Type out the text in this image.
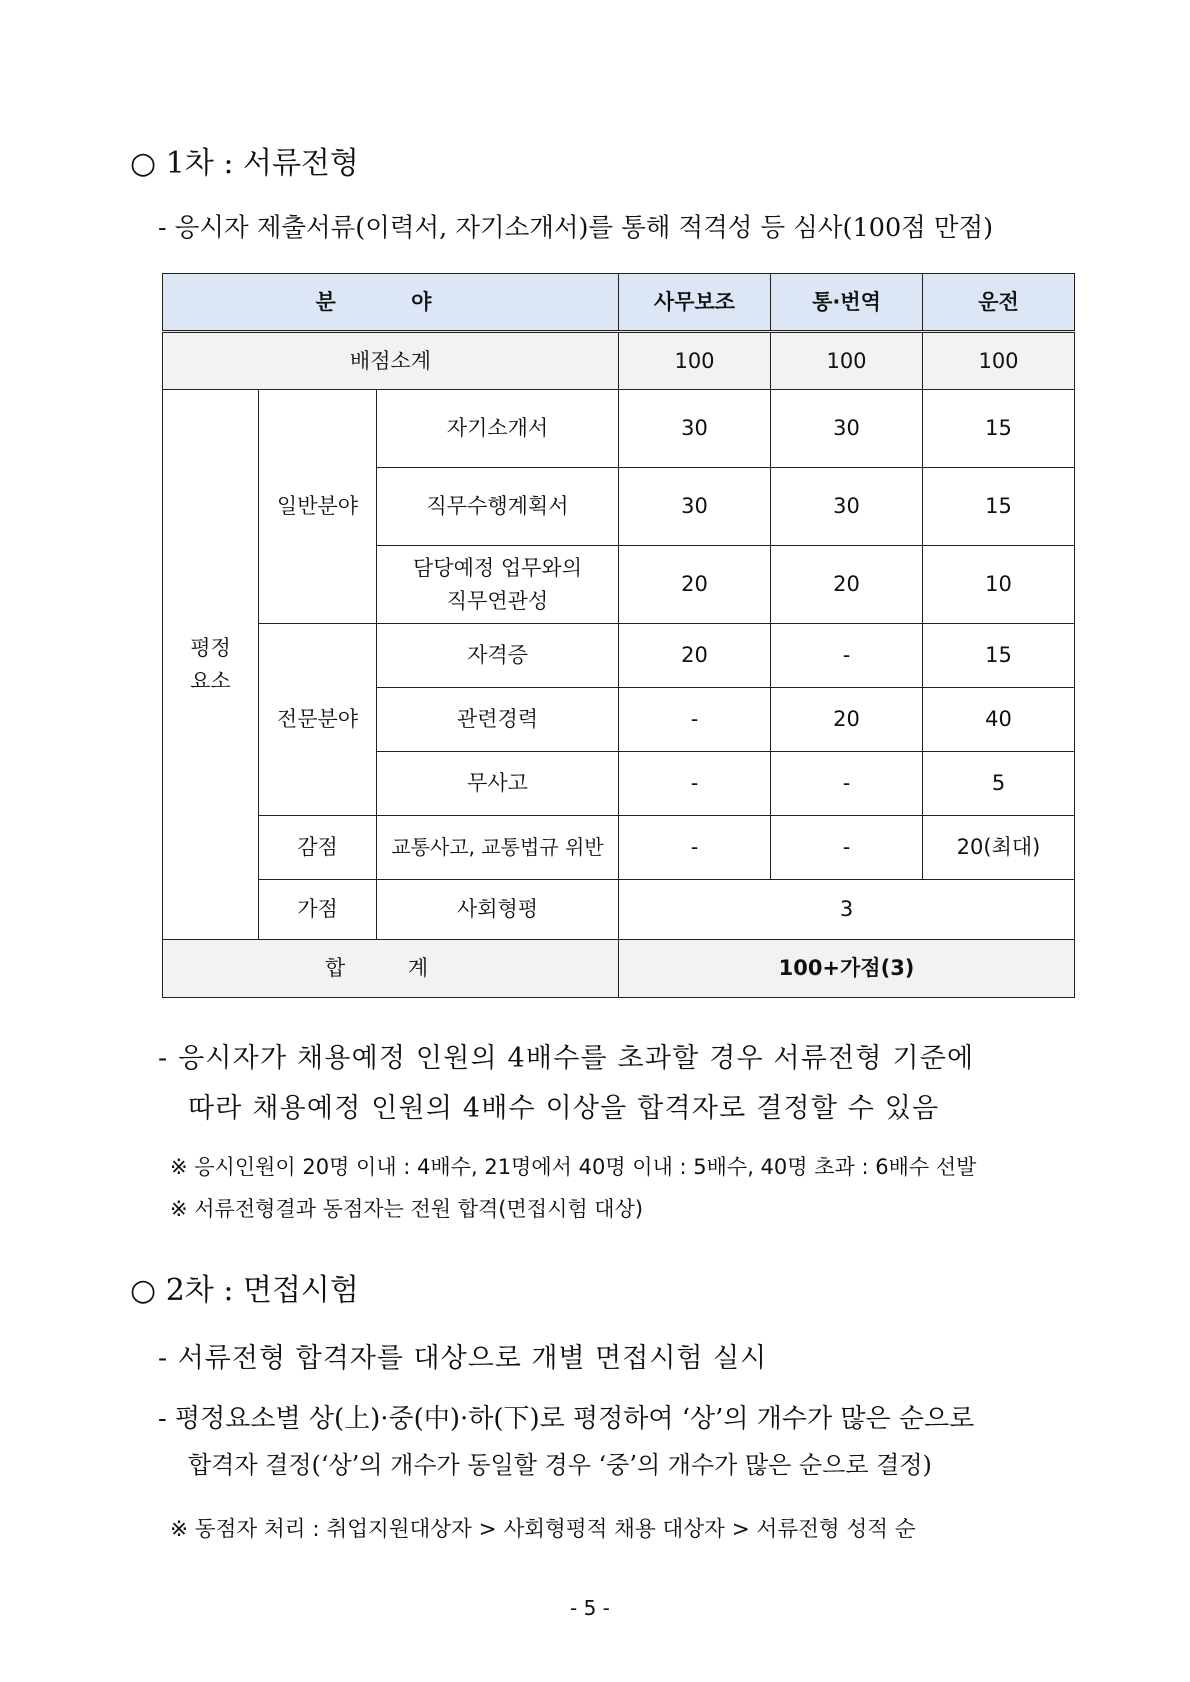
○ 1차 : 서류전형
- 응시자 제출서류(이력서, 자기소개서)를 통해 적격성 등 심사(100점 만점)
분 야			사무보조	통·번역	운전
배점소계			100	100	100
평정
요소	일반분야	자기소개서	30	30	15
		직무수행계획서	30	30	15
		담당예정 업무와의
직무연관성	20	20	10
	전문분야	자격증	20	-	15
		관련경력	-	20	40
		무사고	-	-	5
	감점	교통사고, 교통법규 위반	-	-	20(최대)
	가점	사회형평	3		
합 계			100+가점(3)		
- 응시자가 채용예정 인원의 4배수를 초과할 경우 서류전형 기준에
따라 채용예정 인원의 4배수 이상을 합격자로 결정할 수 있음
※ 응시인원이 20명 이내 : 4배수, 21명에서 40명 이내 : 5배수, 40명 초과 : 6배수 선발
※ 서류전형결과 동점자는 전원 합격(면접시험 대상)
○ 2차 : 면접시험
- 서류전형 합격자를 대상으로 개별 면접시험 실시
- 평정요소별 상(上)·중(中)·하(下)로 평정하여 ‘상’의 개수가 많은 순으로
합격자 결정(‘상’의 개수가 동일할 경우 ‘중’의 개수가 많은 순으로 결정)
※ 동점자 처리 : 취업지원대상자 > 사회형평적 채용 대상자 > 서류전형 성적 순
- 5 -
